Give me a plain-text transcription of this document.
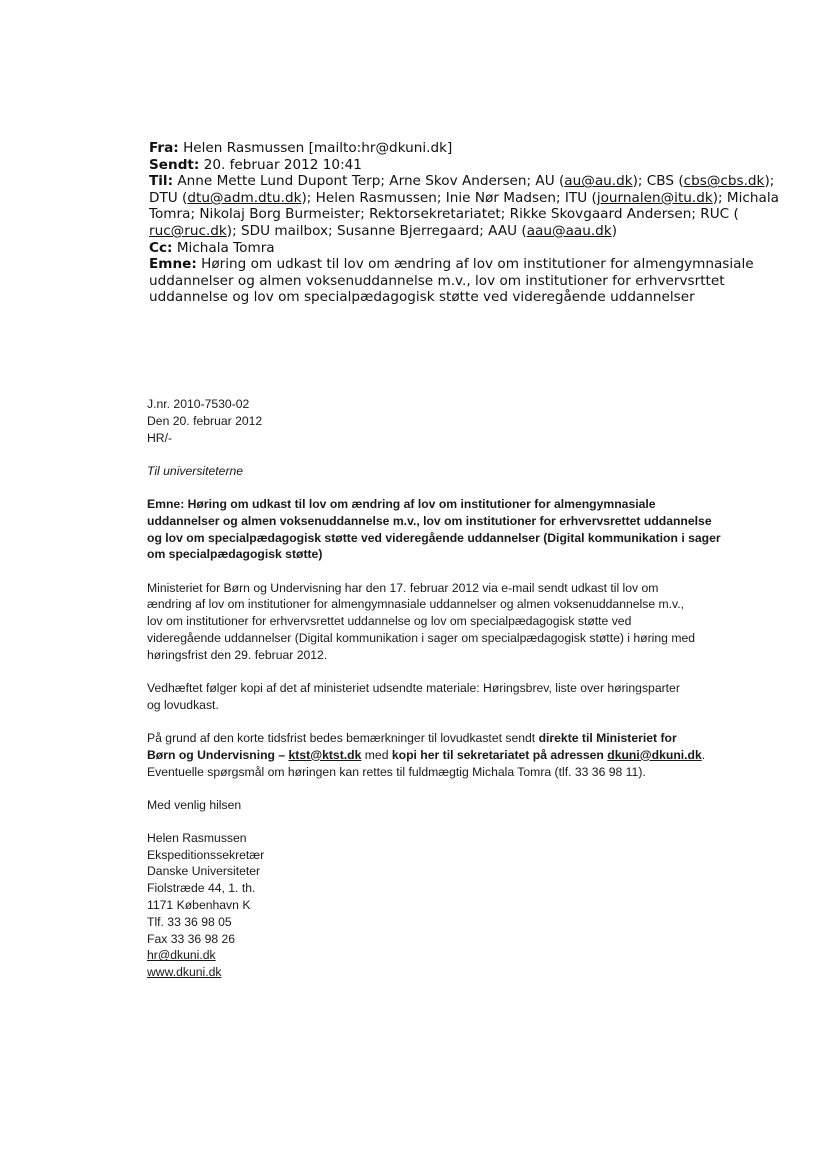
Fra: Helen Rasmussen [mailto:hr@dkuni.dk]
Sendt: 20. februar 2012 10:41
Til: Anne Mette Lund Dupont Terp; Arne Skov Andersen; AU (au@au.dk); CBS (cbs@cbs.dk);
DTU (dtu@adm.dtu.dk); Helen Rasmussen; Inie Nør Madsen; ITU (journalen@itu.dk); Michala
Tomra; Nikolaj Borg Burmeister; Rektorsekretariatet; Rikke Skovgaard Andersen; RUC (
ruc@ruc.dk); SDU mailbox; Susanne Bjerregaard; AAU (aau@aau.dk)
Cc: Michala Tomra
Emne: Høring om udkast til lov om ændring af lov om institutioner for almengymnasiale
uddannelser og almen voksenuddannelse m.v., lov om institutioner for erhvervsrttet
uddannelse og lov om specialpædagogisk støtte ved videregående uddannelser
J.nr. 2010-7530-02
Den 20. februar 2012
HR/-
Til universiteterne
Emne: Høring om udkast til lov om ændring af lov om institutioner for almengymnasiale
uddannelser og almen voksenuddannelse m.v., lov om institutioner for erhvervsrettet uddannelse
og lov om specialpædagogisk støtte ved videregående uddannelser (Digital kommunikation i sager
om specialpædagogisk støtte)
Ministeriet for Børn og Undervisning har den 17. februar 2012 via e-mail sendt udkast til lov om
ændring af lov om institutioner for almengymnasiale uddannelser og almen voksenuddannelse m.v.,
lov om institutioner for erhvervsrettet uddannelse og lov om specialpædagogisk støtte ved
videregående uddannelser (Digital kommunikation i sager om specialpædagogisk støtte) i høring med
høringsfrist den 29. februar 2012.
Vedhæftet følger kopi af det af ministeriet udsendte materiale: Høringsbrev, liste over høringsparter
og lovudkast.
På grund af den korte tidsfrist bedes bemærkninger til lovudkastet sendt direkte til Ministeriet for
Børn og Undervisning – ktst@ktst.dk med kopi her til sekretariatet på adressen dkuni@dkuni.dk.
Eventuelle spørgsmål om høringen kan rettes til fuldmægtig Michala Tomra (tlf. 33 36 98 11).
Med venlig hilsen
Helen Rasmussen
Ekspeditionssekretær
Danske Universiteter
Fiolstræde 44, 1. th.
1171 København K
Tlf. 33 36 98 05
Fax 33 36 98 26
hr@dkuni.dk
www.dkuni.dk
